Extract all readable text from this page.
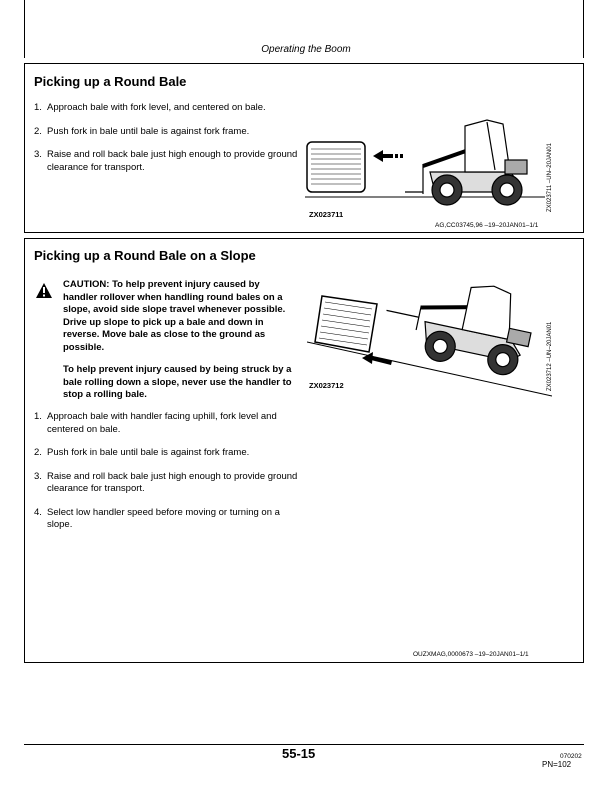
Operating the Boom
Picking up a Round Bale
1. Approach bale with fork level, and centered on bale.
2. Push fork in bale until bale is against fork frame.
3. Raise and roll back bale just high enough to provide ground clearance for transport.
ZX023711
ZX023711 –UN–20JAN01
AG,CC03745,96 –19–20JAN01–1/1
Picking up a Round Bale on a Slope

CAUTION: To help prevent injury caused by handler rollover when handling round bales on a slope, avoid side slope travel whenever possible. Drive up slope to pick up a bale and down in reverse. Move bale as close to the ground as possible.

To help prevent injury caused by being struck by a bale rolling down a slope, never use the handler to stop a rolling bale.

1. Approach bale with handler facing uphill, fork level and centered on bale.
2. Push fork in bale until bale is against fork frame.
3. Raise and roll back bale just high enough to provide ground clearance for transport.
4. Select low handler speed before moving or turning on a slope.
ZX023712	ZX023712 –UN–20JAN01
OUZXMAG,0000673 –19–20JAN01–1/1
55-15	070202
PN=102
